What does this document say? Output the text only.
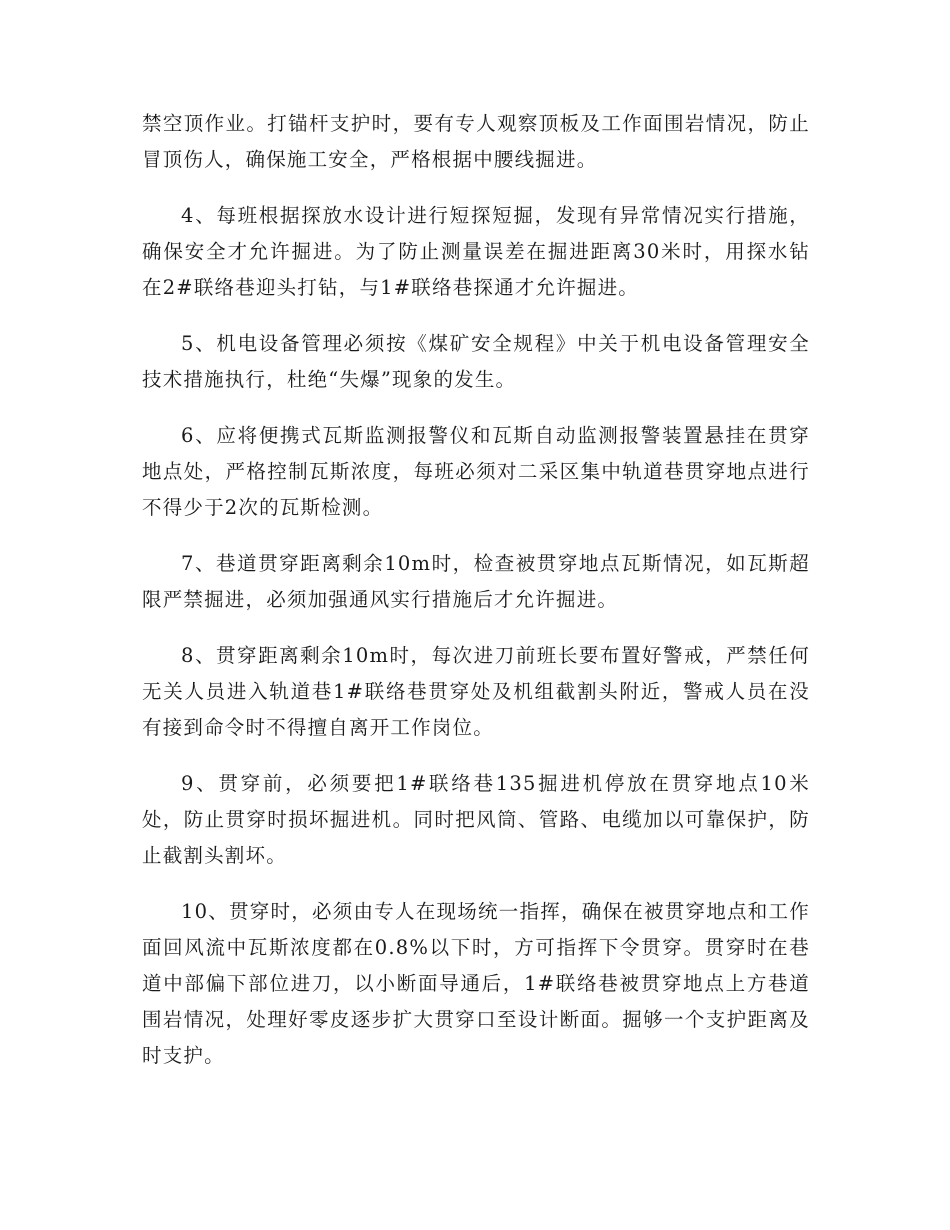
禁空顶作业。打锚杆支护时，要有专人观察顶板及工作面围岩情况，防止冒顶伤人，确保施工安全，严格根据中腰线掘进。

4、每班根据探放水设计进行短探短掘，发现有异常情况实行措施，确保安全才允许掘进。为了防止测量误差在掘进距离30米时，用探水钻在2#联络巷迎头打钻，与1#联络巷探通才允许掘进。

5、机电设备管理必须按《煤矿安全规程》中关于机电设备管理安全技术措施执行，杜绝“失爆”现象的发生。

6、应将便携式瓦斯监测报警仪和瓦斯自动监测报警装置悬挂在贯穿地点处，严格控制瓦斯浓度，每班必须对二采区集中轨道巷贯穿地点进行不得少于2次的瓦斯检测。

7、巷道贯穿距离剩余10m时，检查被贯穿地点瓦斯情况，如瓦斯超限严禁掘进，必须加强通风实行措施后才允许掘进。

8、贯穿距离剩余10m时，每次进刀前班长要布置好警戒，严禁任何无关人员进入轨道巷1#联络巷贯穿处及机组截割头附近，警戒人员在没有接到命令时不得擅自离开工作岗位。

9、贯穿前，必须要把1#联络巷135掘进机停放在贯穿地点10米处，防止贯穿时损坏掘进机。同时把风筒、管路、电缆加以可靠保护，防止截割头割坏。

10、贯穿时，必须由专人在现场统一指挥，确保在被贯穿地点和工作面回风流中瓦斯浓度都在0.8%以下时，方可指挥下令贯穿。贯穿时在巷道中部偏下部位进刀，以小断面导通后，1#联络巷被贯穿地点上方巷道围岩情况，处理好零皮逐步扩大贯穿口至设计断面。掘够一个支护距离及时支护。
